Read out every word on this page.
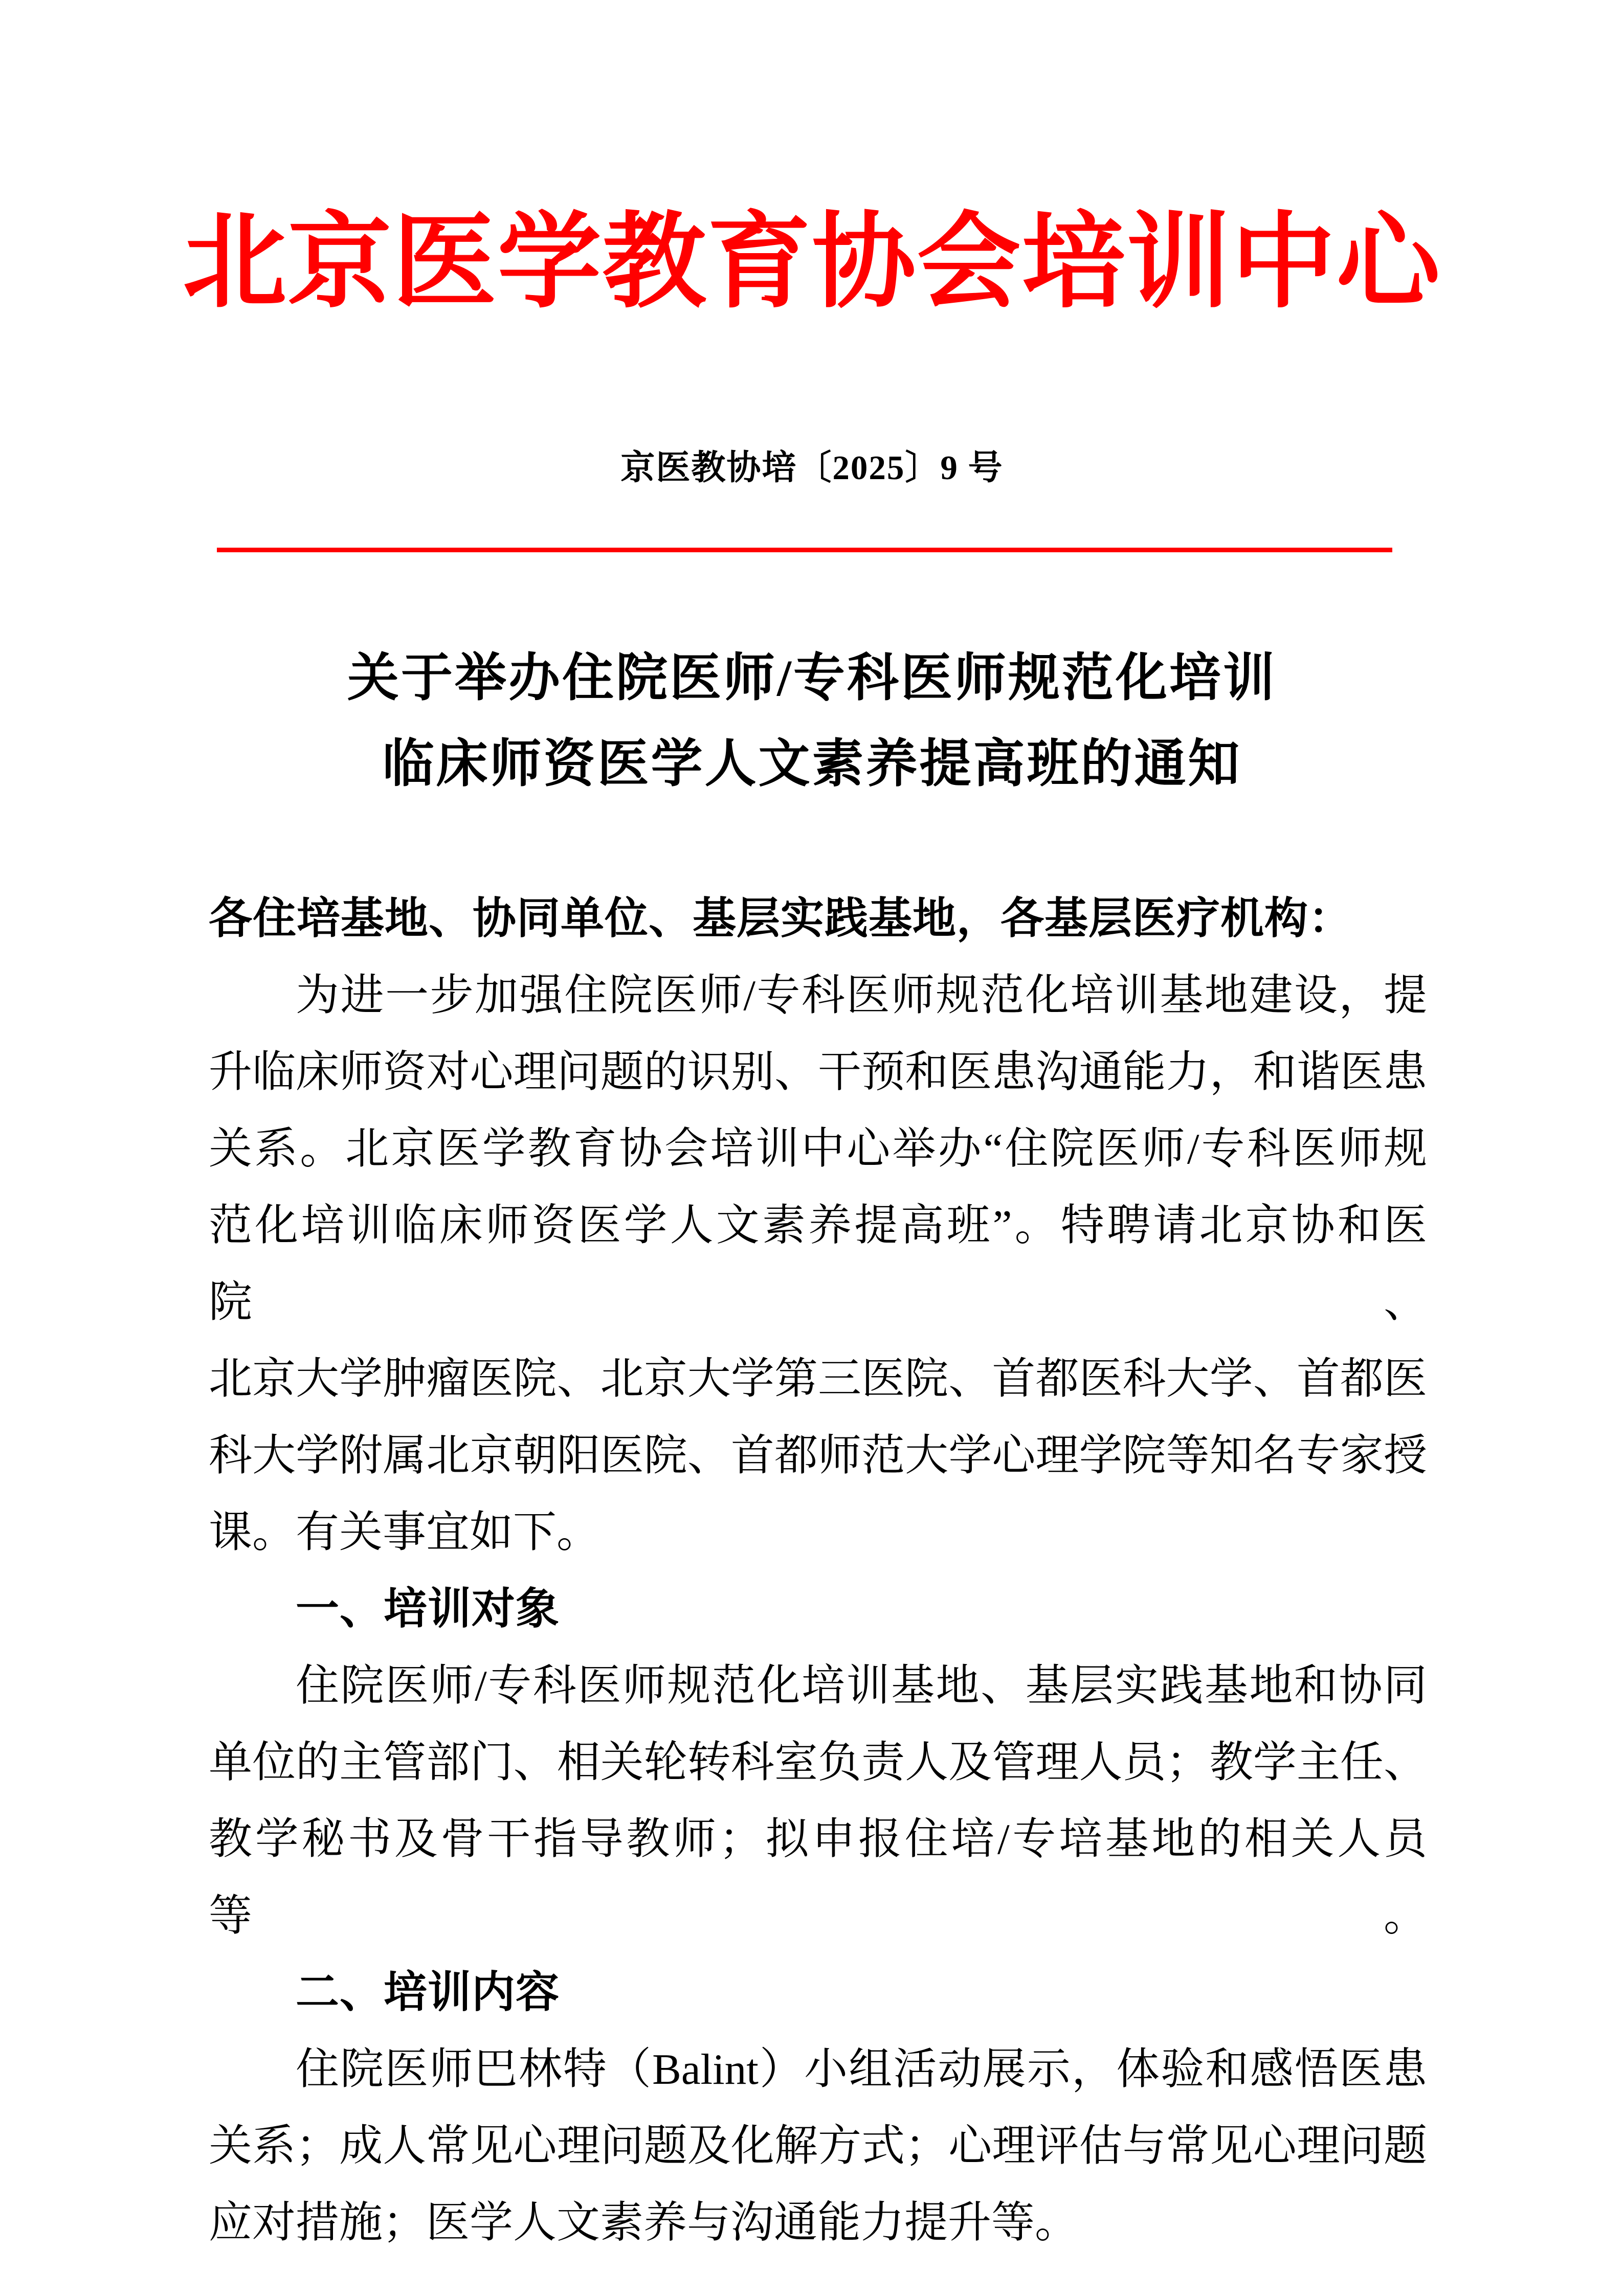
北京医学教育协会培训中心
京医教协培〔2025〕9 号
关于举办住院医师/专科医师规范化培训
临床师资医学人文素养提高班的通知
各住培基地、协同单位、基层实践基地，各基层医疗机构：
为进一步加强住院医师/专科医师规范化培训基地建设，提
升临床师资对心理问题的识别、干预和医患沟通能力，和谐医患
关系。北京医学教育协会培训中心举办“住院医师/专科医师规
范化培训临床师资医学人文素养提高班”。特聘请北京协和医院、
北京大学肿瘤医院、北京大学第三医院、首都医科大学、首都医
科大学附属北京朝阳医院、首都师范大学心理学院等知名专家授
课。有关事宜如下。
一、培训对象
住院医师/专科医师规范化培训基地、基层实践基地和协同
单位的主管部门、相关轮转科室负责人及管理人员；教学主任、
教学秘书及骨干指导教师；拟申报住培/专培基地的相关人员等。
二、培训内容
住院医师巴林特（Balint）小组活动展示，体验和感悟医患
关系；成人常见心理问题及化解方式；心理评估与常见心理问题
应对措施；医学人文素养与沟通能力提升等。
